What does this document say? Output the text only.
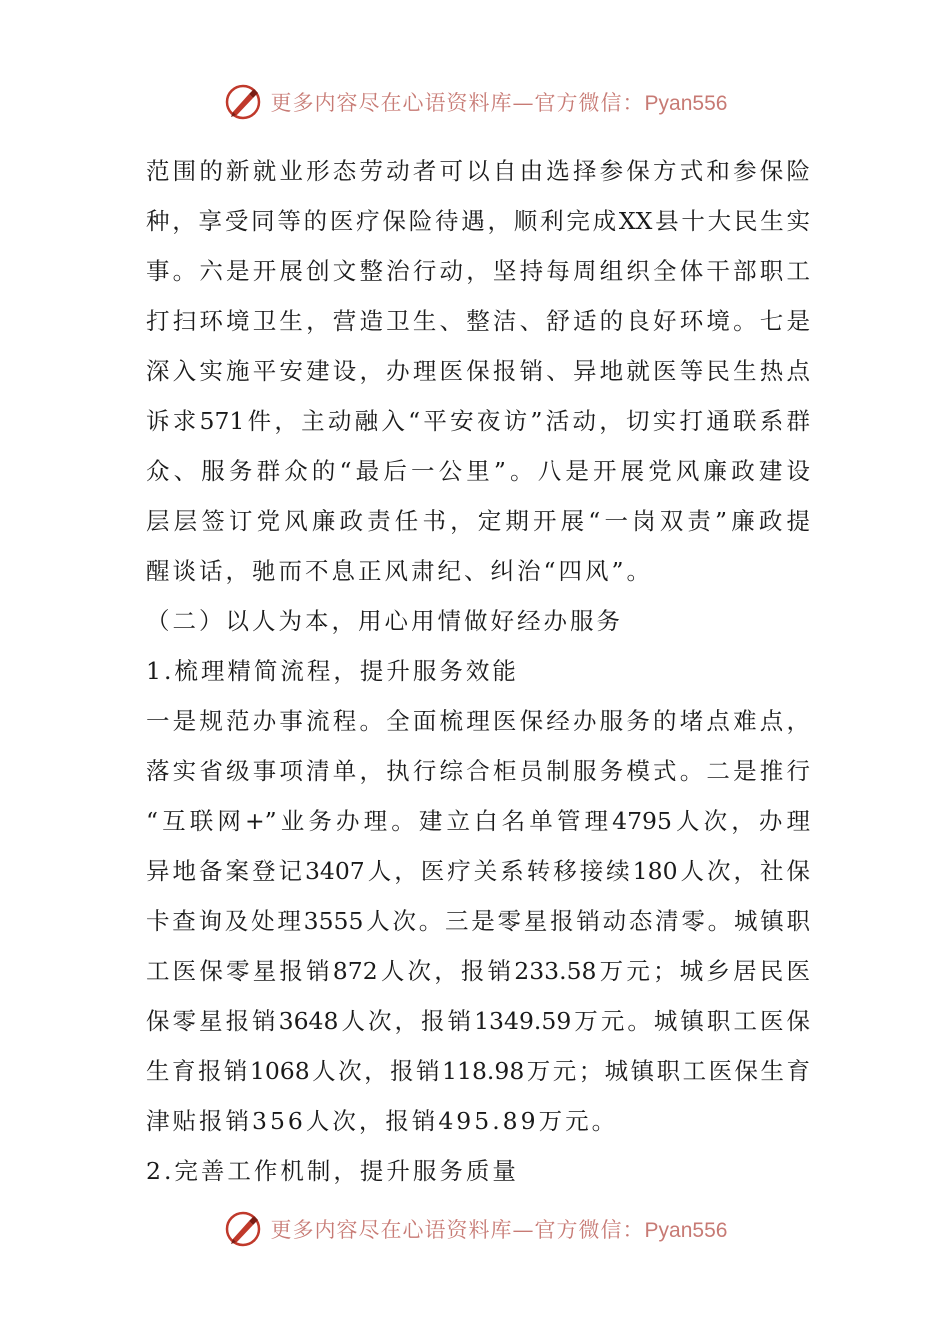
更多内容尽在心语资料库—官方微信：Pyan556
范围的新就业形态劳动者可以自由选择参保方式和参保险
种，享受同等的医疗保险待遇，顺利完成XX县十大民生实
事。六是开展创文整治行动，坚持每周组织全体干部职工
打扫环境卫生，营造卫生、整洁、舒适的良好环境。七是
深入实施平安建设，办理医保报销、异地就医等民生热点
诉求571件，主动融入“平安夜访”活动，切实打通联系群
众、服务群众的“最后一公里”。八是开展党风廉政建设
层层签订党风廉政责任书，定期开展“一岗双责”廉政提
醒谈话，驰而不息正风肃纪、纠治“四风”。
（二）以人为本，用心用情做好经办服务
1.梳理精简流程，提升服务效能
一是规范办事流程。全面梳理医保经办服务的堵点难点，
落实省级事项清单，执行综合柜员制服务模式。二是推行
“互联网+”业务办理。建立白名单管理4795人次，办理
异地备案登记3407人，医疗关系转移接续180人次，社保
卡查询及处理3555人次。三是零星报销动态清零。城镇职
工医保零星报销872人次，报销233.58万元；城乡居民医
保零星报销3648人次，报销1349.59万元。城镇职工医保
生育报销1068人次，报销118.98万元；城镇职工医保生育
津贴报销356人次，报销495.89万元。
2.完善工作机制，提升服务质量
更多内容尽在心语资料库—官方微信：Pyan556
